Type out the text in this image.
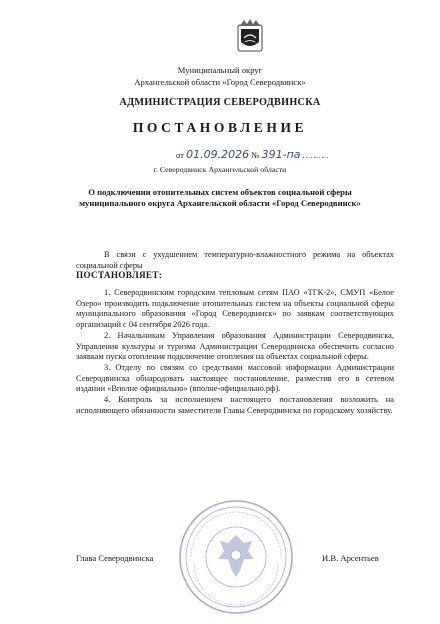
Муниципальный округ
Архангельской области «Город Северодвинск»
АДМИНИСТРАЦИЯ СЕВЕРОДВИНСКА
ПОСТАНОВЛЕНИЕ
от 01.09.2026 № 391-па ..........
г. Северодвинск Архангельской области
О подключении отопительных систем объектов социальной сферы
муниципального округа Архангельской области «Город Северодвинск»
В связи с ухудшением температурно-влажностного режима на объектах социальной сферы
ПОСТАНОВЛЯЕТ:

1. Северодвинским городским тепловым сетям ПАО «ТГК-2», СМУП «Белое Озеро» производить подключение отопительных систем на объекты социальной сферы муниципального образования «Город Северодвинск» по заявкам соответствующих организаций с 04 сентября 2026 года.

2. Начальникам Управления образования Администрации Северодвинска, Управления культуры и туризма Администрации Северодвинска обеспечить согласно заявкам пуска отопления подключение отопления на объектах социальной сферы.

3. Отделу по связям со средствами массовой информации Администрации Северодвинска обнародовать настоящее постановление, разместив его в сетевом издании «Вполне официально» (вполне-официально.рф).

4. Контроль за исполнением настоящего постановления возложить на исполняющего обязанности заместителя Главы Северодвинска по городскому хозяйству.

Глава Северодвинска	И.В. Арсентьев
